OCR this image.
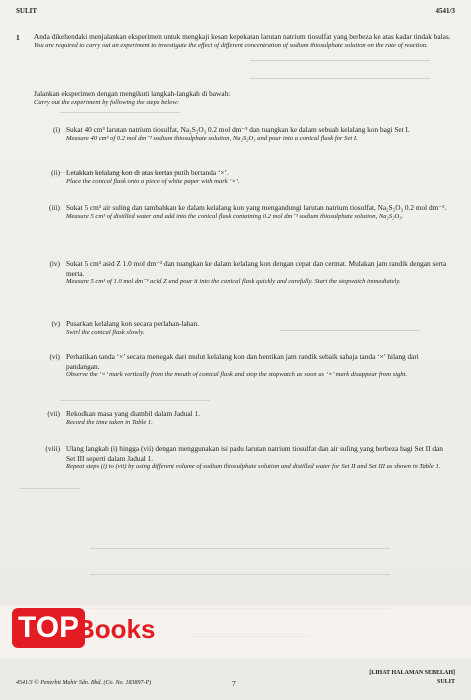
SULIT	4541/3
1 Anda dikehendaki menjalankan eksperimen untuk mengkaji kesan kepekatan larutan natrium tiosulfat yang berbeza ke atas kadar tindak balas.
You are required to carry out an experiment to investigate the effect of different concentration of sodium thiosulphate solution on the rate of reaction.
Jalankan eksperimen dengan mengikuti langkah-langkah di bawah:
Carry out the experiment by following the steps below:
(i) Sukat 40 cm³ larutan natrium tiosulfat, Na₂S₂O₃ 0.2 mol dm⁻³ dan tuangkan ke dalam sebuah kelalang kon bagi Set I.
Measure 40 cm³ of 0.2 mol dm⁻³ sodium thiosulphate solution, Na₂S₂O₃ and pour into a conical flask for Set I.
(ii) Letakkan kelalang kon di atas kertas putih bertanda ‘×’.
Place the conical flask onto a piece of white paper with mark ‘×’.
(iii) Sukat 5 cm³ air suling dan tambahkan ke dalam kelalang kon yang mengandungi larutan natrium tiosulfat, Na₂S₂O₃ 0.2 mol dm⁻³.
Measure 5 cm³ of distilled water and add into the conical flask containing 0.2 mol dm⁻³ sodium thiosulphate solution, Na₂S₂O₃.
(iv) Sukat 5 cm³ asid Z 1.0 mol dm⁻³ dan tuangkan ke dalam kelalang kon dengan cepat dan cermat. Mulakan jam randik dengan serta merta.
Measure 5 cm³ of 1.0 mol dm⁻³ acid Z and pour it into the conical flask quickly and carefully. Start the stopwatch immediately.
(v) Pusarkan kelalang kon secara perlahan-lahan.
Swirl the conical flask slowly.
(vi) Perhatikan tanda ‘×’ secara menegak dari mulut kelalang kon dan hentikan jam randik sebaik sahaja tanda ‘×’ hilang dari pandangan.
Observe the ‘×’ mark vertically from the mouth of conical flask and stop the stopwatch as soon as ‘×’ mark disappear from sight.
(vii) Rekodkan masa yang diambil dalam Jadual 1.
Record the time taken in Table 1.
(viii) Ulang langkah (i) hingga (vii) dengan menggunakan isi padu larutan natrium tiosulfat dan air suling yang berbeza bagi Set II dan Set III seperti dalam Jadual 1.
Repeat steps (i) to (vii) by using different volume of sodium thiosulphate solution and distilled water for Set II and Set III as shown in Table 1.
TOP
Books
4541/3 © Penerbit Mahir Sdn. Bhd. (Co. No. 183897-P)	7
[LIHAT HALAMAN SEBELAH]
SULIT
